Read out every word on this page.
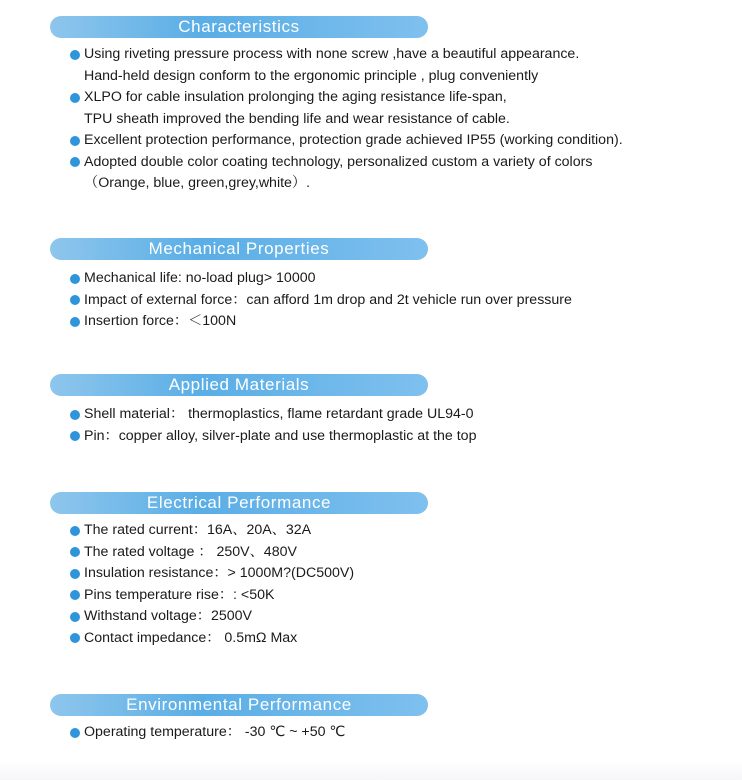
Characteristics
Using riveting pressure process with none screw ,have a beautiful appearance.
Hand-held design conform to the ergonomic principle , plug conveniently
XLPO for cable insulation prolonging the aging resistance life-span,
TPU sheath improved the bending life and wear resistance of cable.
Excellent protection performance, protection grade achieved IP55 (working condition).
Adopted double color coating technology, personalized custom a variety of colors
（Orange, blue, green,grey,white）.
Mechanical Properties
Mechanical life: no-load plug> 10000
Impact of external force：can afford 1m drop and 2t vehicle run over pressure
Insertion force：＜100N
Applied Materials
Shell material： thermoplastics, flame retardant grade UL94-0
Pin：copper alloy, silver-plate and use thermoplastic at the top
Electrical Performance
The rated current：16A、20A、32A
The rated voltage ： 250V、480V
Insulation resistance：> 1000M?(DC500V)
Pins temperature rise：: <50K
Withstand voltage：2500V
Contact impedance： 0.5mΩ Max
Environmental Performance
Operating temperature： -30 ℃ ~ +50 ℃
